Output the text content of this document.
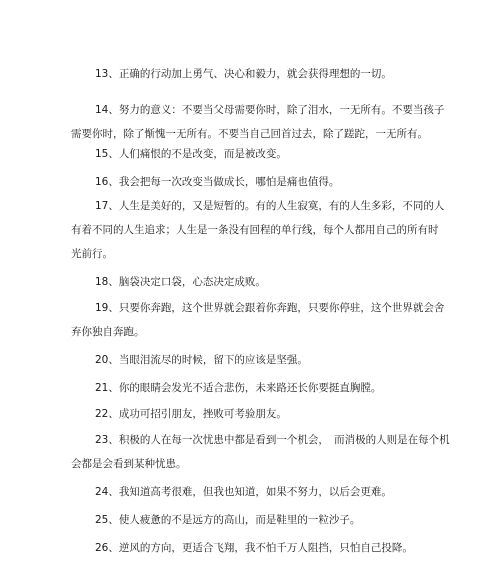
13、正确的行动加上勇气、决心和毅力，就会获得理想的一切。
14、努力的意义：不要当父母需要你时，除了泪水，一无所有。不要当孩子
需要你时，除了惭愧一无所有。不要当自己回首过去，除了蹉跎，一无所有。
15、人们痛恨的不是改变，而是被改变。
16、我会把每一次改变当做成长，哪怕是痛也值得。
17、人生是美好的，又是短暂的。有的人生寂寞，有的人生多彩，不同的人
有着不同的人生追求；人生是一条没有回程的单行线，每个人都用自己的所有时
光前行。
18、脑袋决定口袋，心态决定成败。
19、只要你奔跑，这个世界就会跟着你奔跑，只要你停驻，这个世界就会舍
弃你独自奔跑。
20、当眼泪流尽的时候，留下的应该是坚强。
21、你的眼睛会发光不适合悲伤，未来路还长你要挺直胸膛。
22、成功可招引朋友，挫败可考验朋友。
23、积极的人在每一次忧患中都是看到一个机会，　而消极的人则是在每个机
会都是会看到某种忧患。
24、我知道高考很难，但我也知道，如果不努力，以后会更难。
25、使人疲惫的不是远方的高山，而是鞋里的一粒沙子。
26、逆风的方向，更适合飞翔，我不怕千万人阻挡，只怕自己投降。
